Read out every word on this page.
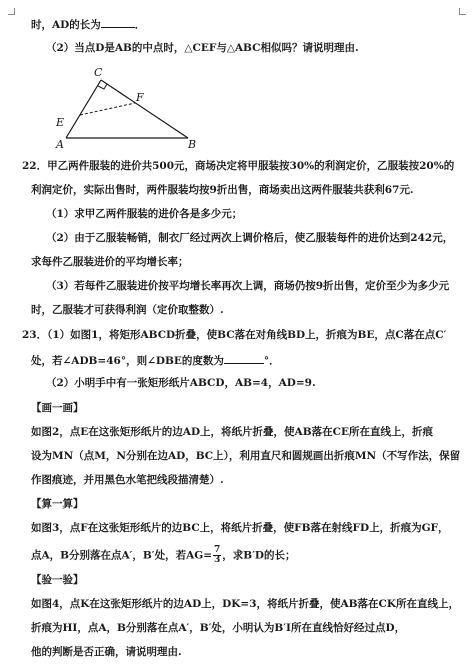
时，AD的长为	．
（2）当点D是AB的中点时，△CEF与△ABC相似吗？请说明理由.
C
F
E
A	B
22．甲乙两件服装的进价共500元，商场决定将甲服装按30%的利润定价，乙服装按20%的
利润定价，实际出售时，两件服装均按9折出售，商场卖出这两件服装共获利67元.
（1）求甲乙两件服装的进价各是多少元；
（2）由于乙服装畅销，制衣厂经过两次上调价格后，使乙服装每件的进价达到242元，
求每件乙服装进价的平均增长率；
（3）若每件乙服装进价按平均增长率再次上调，商场仍按9折出售，定价至少为多少元
时，乙服装才可获得利润（定价取整数）.
23．（1）如图1，将矩形ABCD折叠，使BC落在对角线BD上，折痕为BE，点C落在点C′
处，若∠ADB=46°，则∠DBE的度数为	°．
（2）小明手中有一张矩形纸片ABCD，AB=4，AD=9.
【画一画】
如图2，点E在这张矩形纸片的边AD上，将纸片折叠，使AB落在CE所在直线上，折痕
设为MN（点M，N分别在边AD，BC上），利用直尺和圆规画出折痕MN（不写作法，保留
作图痕迹，并用黑色水笔把线段描清楚）.
【算一算】
如图3，点F在这张矩形纸片的边BC上，将纸片折叠，使FB落在射线FD上，折痕为GF，
点A，B分别落在点A′，B′处，若$AG= \frac{7}{3}$ ，求B′D的长；
【验一验】
如图4，点K在这张矩形纸片的边AD上，DK=3，将纸片折叠，使AB落在CK所在直线上，
折痕为HI，点A，B分别落在点A′，B′处，小明认为B′I所在直线恰好经过点D，
他的判断是否正确，请说明理由.
